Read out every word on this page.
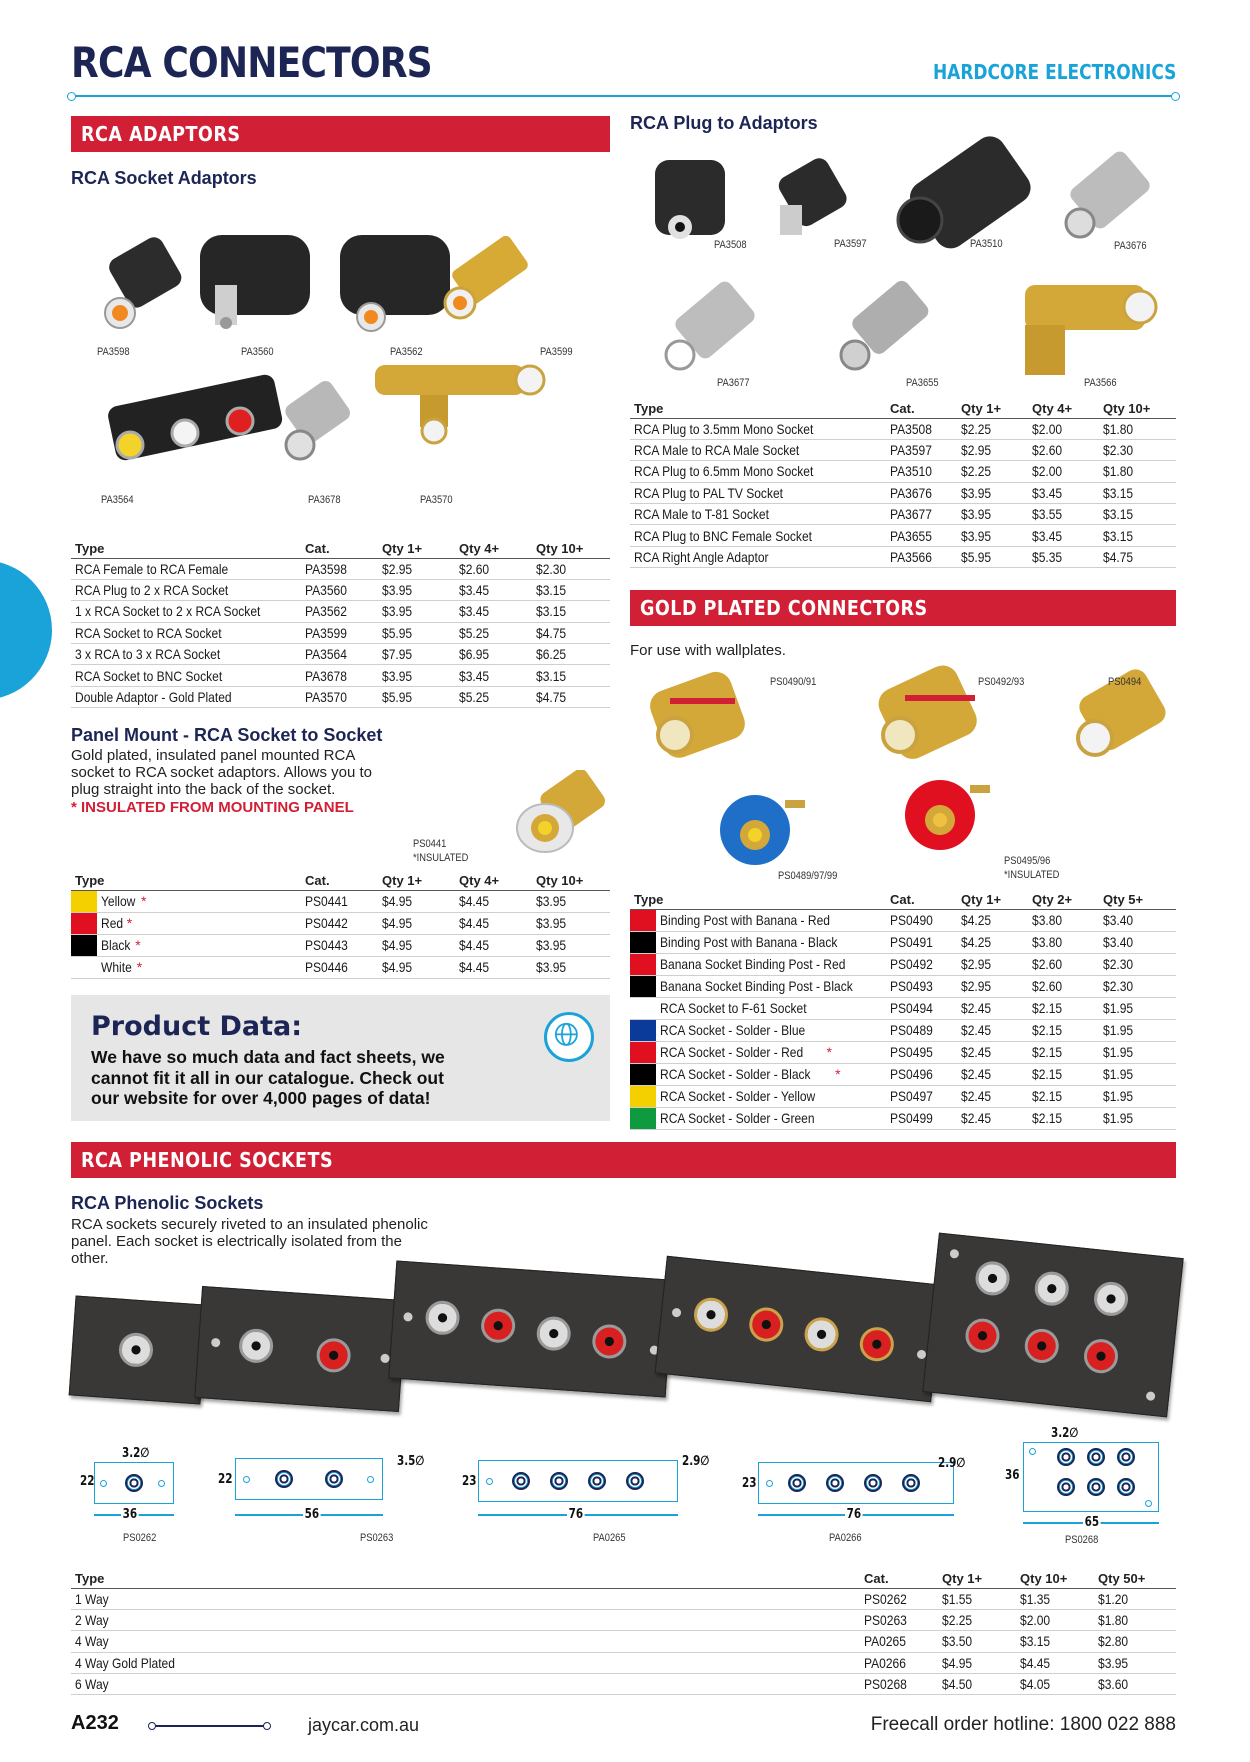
RCA CONNECTORS	HARDCORE ELECTRONICS
RCA ADAPTORS
RCA Socket Adaptors
PA3598	PA3560	PA3562	PA3599
PA3564	PA3678	PA3570
Type	Cat.	Qty 1+	Qty 4+	Qty 10+
RCA Female to RCA Female	PA3598	$2.95	$2.60	$2.30
RCA Plug to 2 x RCA Socket	PA3560	$3.95	$3.45	$3.15
1 x RCA Socket to 2 x RCA Socket	PA3562	$3.95	$3.45	$3.15
RCA Socket to RCA Socket	PA3599	$5.95	$5.25	$4.75
3 x RCA to 3 x RCA Socket	PA3564	$7.95	$6.95	$6.25
RCA Socket to BNC Socket	PA3678	$3.95	$3.45	$3.15
Double Adaptor - Gold Plated	PA3570	$5.95	$5.25	$4.75
Panel Mount - RCA Socket to Socket
Gold plated, insulated panel mounted RCA socket to RCA socket adaptors. Allows you to plug straight into the back of the socket.
* INSULATED FROM MOUNTING PANEL
PS0441
*INSULATED
Type		Cat.	Qty 1+	Qty 4+	Qty 10+

	Yellow *	PS0441	$4.95	$4.45	$3.95

	Red *	PS0442	$4.95	$4.45	$3.95

	Black *	PS0443	$4.95	$4.45	$3.95

	White *	PS0446	$4.95	$4.45	$3.95
Product Data:
We have so much data and fact sheets, we cannot fit it all in our catalogue. Check out our website for over 4,000 pages of data!
RCA Plug to Adaptors
PA3508	PA3597	PA3510	PA3676
PA3677	PA3655	PA3566
Type	Cat.	Qty 1+	Qty 4+	Qty 10+
RCA Plug to 3.5mm Mono Socket	PA3508	$2.25	$2.00	$1.80
RCA Male to RCA Male Socket	PA3597	$2.95	$2.60	$2.30
RCA Plug to 6.5mm Mono Socket	PA3510	$2.25	$2.00	$1.80
RCA Plug to PAL TV Socket	PA3676	$3.95	$3.45	$3.15
RCA Male to T-81 Socket	PA3677	$3.95	$3.55	$3.15
RCA Plug to BNC Female Socket	PA3655	$3.95	$3.45	$3.15
RCA Right Angle Adaptor	PA3566	$5.95	$5.35	$4.75
GOLD PLATED CONNECTORS
For use with wallplates.
PS0490/91	PS0492/93	PS0494
PS0489/97/99
PS0495/96
*INSULATED
Type		Cat.	Qty 1+	Qty 2+	Qty 5+

	Binding Post with Banana - Red	PS0490	$4.25	$3.80	$3.40

	Binding Post with Banana - Black	PS0491	$4.25	$3.80	$3.40

	Banana Socket Binding Post - Red	PS0492	$2.95	$2.60	$2.30

	Banana Socket Binding Post - Black	PS0493	$2.95	$2.60	$2.30

	RCA Socket to F-61 Socket	PS0494	$2.45	$2.15	$1.95

	RCA Socket - Solder - Blue	PS0489	$2.45	$2.15	$1.95

	RCA Socket - Solder - Red *	PS0495	$2.45	$2.15	$1.95

	RCA Socket - Solder - Black *	PS0496	$2.45	$2.15	$1.95

	RCA Socket - Solder - Yellow	PS0497	$2.45	$2.15	$1.95

	RCA Socket - Solder - Green	PS0499	$2.45	$2.15	$1.95
RCA PHENOLIC SOCKETS
RCA Phenolic Sockets
RCA sockets securely riveted to an insulated phenolic panel. Each socket is electrically isolated from the other.
3.2∅
22
36
PS0262
3.5∅
22
56
PS0263
2.9∅
23
76
PA0265
2.9∅
23
76
PA0266
3.2∅
36
65
PS0268
Type	Cat.	Qty 1+	Qty 10+	Qty 50+
1 Way	PS0262	$1.55	$1.35	$1.20
2 Way	PS0263	$2.25	$2.00	$1.80
4 Way	PA0265	$3.50	$3.15	$2.80
4 Way Gold Plated	PA0266	$4.95	$4.45	$3.95
6 Way	PS0268	$4.50	$4.05	$3.60
A232	jaycar.com.au	Freecall order hotline: 1800 022 888
